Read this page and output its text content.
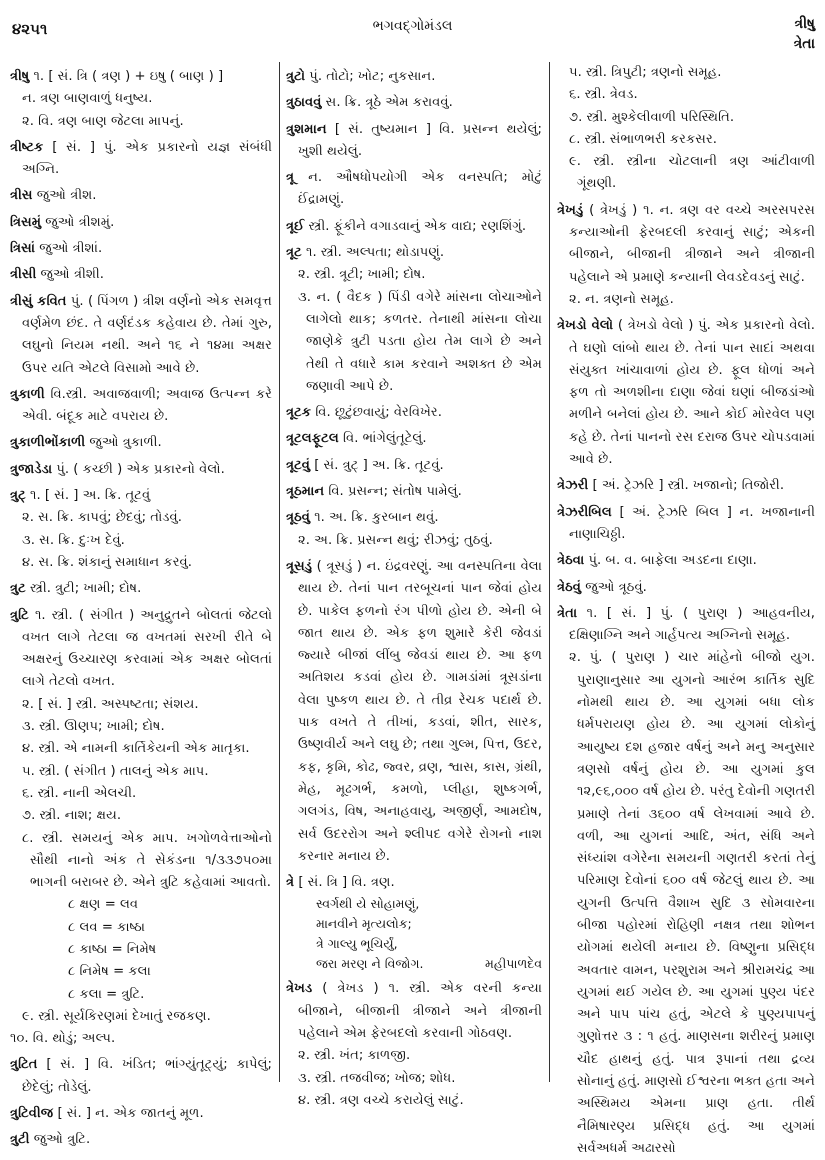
૪૨૫૧	ભગવદ્ગોમંડલ	ત્રીષુ
ત્રેતા
ત્રીષુ ૧. [ સં. ત્રિ ( ત્રણ ) + ઇષુ ( બાણ ) ]
ન. ત્રણ બાણવાળું ધનુષ્ય.
૨. વિ. ત્રણ બાણ જેટલા માપનું.
ત્રીષ્ટક [ સં. ] પું. એક પ્રકારનો યજ્ઞ સંબંધી અગ્નિ.
ત્રીસ જુઓ ત્રીશ.
ત્રિસમું જુઓ ત્રીશમું.
ત્રિસાં જુઓ ત્રીશાં.
ત્રીસી જુઓ ત્રીશી.
ત્રીસું કવિત પું. ( પિંગળ ) ત્રીશ વર્ણનો એક સમવૃત્ત વર્ણમેળ છંદ. તે વર્ણદંડક કહેવાય છે. તેમાં ગુરુ, લઘુનો નિયમ નથી. અને ૧૬ ને ૧૪મા અક્ષર ઉપર યતિ એટલે વિસામો આવે છે.
ત્રુકાળી વિ.સ્ત્રી. અવાજવાળી; અવાજ ઉત્પન્ન કરે એવી. બંદૂક માટે વપરાય છે.
ત્રુકાળીભોંકાળી જુઓ ત્રુકાળી.
ત્રુજાડેડા પું. ( કચ્છી ) એક પ્રકારનો વેલો.
ત્રુટ્ ૧. [ સં. ] અ. ક્રિ. તૂટવું
૨. સ. ક્રિ. કાપવું; છેદવું; તોડવું.
૩. સ. ક્રિ. દુઃખ દેવું.
૪. સ. ક્રિ. શંકાનું સમાધાન કરવું.
ત્રુટ સ્ત્રી. ત્રુટી; ખામી; દોષ.
ત્રુટિ ૧. સ્ત્રી. ( સંગીત ) અનુદ્રુતને બોલતાં જેટલો વખત લાગે તેટલા જ વખતમાં સરખી રીતે બે અક્ષરનું ઉચ્ચારણ કરવામાં એક અક્ષર બોલતાં લાગે તેટલો વખત.
૨. [ સં. ] સ્ત્રી. અસ્પષ્ટતા; સંશય.
૩. સ્ત્રી. ઊણપ; ખામી; દોષ.
૪. સ્ત્રી. એ નામની કાર્તિકેયની એક માતૃકા.
૫. સ્ત્રી. ( સંગીત ) તાલનું એક માપ.
૬. સ્ત્રી. નાની એલચી.
૭. સ્ત્રી. નાશ; ક્ષય.
૮. સ્ત્રી. સમયનું એક માપ. ખગોળવેત્તાઓનો સૌથી નાનો અંક તે સેકંડના ૧/૩૩૭૫૦મા ભાગની બરાબર છે. એને ત્રુટિ કહેવામાં આવતો.
૮ ક્ષણ = લવ
૮ લવ = કાષ્ઠા
૮ કાષ્ઠા = નિમેષ
૮ નિમેષ = કલા
૮ કલા = ત્રુટિ.
૯. સ્ત્રી. સૂર્યકિરણમાં દેખાતું રજકણ.
૧૦. વિ. થોડું; અલ્પ.
ત્રુટિત [ સં. ] વિ. ખંડિત; ભાંગ્યુંતૂટ્યું; કાપેલું; છેદેલું; તોડેલું.
ત્રુટિવીજ [ સં. ] ન. એક જાતનું મૂળ.
ત્રુટી જુઓ ત્રુટિ.
ત્રુટો પું. તોટો; ખોટ; નુકસાન.
ત્રુઠાવવું સ. ક્રિ. ત્રૂઠે એમ કરાવવું.
ત્રુશમાન [ સં. તુષ્યમાન ] વિ. પ્રસન્ન થયેલું; ખુશી થયેલું.
ત્રૂ ન. ઔષધોપયોગી એક વનસ્પતિ; મોટું ઈંદ્રામણું.
ત્રૂઈ સ્ત્રી. ફૂંકીને વગાડવાનું એક વાદ્ય; રણશિંગું.
ત્રૂટ ૧. સ્ત્રી. અલ્પતા; થોડાપણું.
૨. સ્ત્રી. ત્રૂટી; ખામી; દોષ.
૩. ન. ( વૈદક ) પિંડી વગેરે માંસના લોચાઓને લાગેલો થાક; કળતર. તેનાથી માંસના લોચા જાણેકે ત્રુટી પડતા હોય તેમ લાગે છે અને તેથી તે વધારે કામ કરવાને અશક્ત છે એમ જણાવી આપે છે.
ત્રૂટક વિ. છૂટુંછવાયું; વેરવિખેર.
ત્રૂટલફૂટલ વિ. ભાંગેલુંતૂટેલું.
ત્રૂટવું [ સં. ત્રુટ્ ] અ. ક્રિ. તૂટવું.
ત્રૂઠમાન વિ. પ્રસન્ન; સંતોષ પામેલું.
ત્રૂઠવું ૧. અ. ક્રિ. કુરબાન થવું.
૨. અ. ક્રિ. પ્રસન્ન થવું; રીઝવું; તુઠવું.
ત્રૂસડું ( ત્રૂસડું ) ન. ઇંદ્રવરણું. આ વનસ્પતિના વેલા થાય છે. તેનાં પાન તરબૂચનાં પાન જેવાં હોય છે. પાકેલ ફળનો રંગ પીળો હોય છે. એની બે જાત થાય છે. એક ફળ શુમારે કેરી જેવડાં જ્યારે બીજાં લીંબુ જેવડાં થાય છે. આ ફળ અતિશય કડવાં હોય છે. ગામડાંમાં ત્રૂસડાંના વેલા પુષ્કળ થાય છે. તે તીવ્ર રેચક પદાર્થ છે. પાક વખતે તે તીખાં, કડવાં, શીત, સારક, ઉષ્ણવીર્ય અને લઘુ છે; તથા ગુલ્મ, પિત્ત, ઉદર, કફ, કૃમિ, કોઢ, જ્વર, વ્રણ, શ્વાસ, કાસ, ગ્રંથી, મેહ, મૂઢગર્ભ, કમળો, પ્લીહા, શુષ્કગર્ભ, ગલગંડ, વિષ, અનાહવાયુ, અજીર્ણ, આમદોષ, સર્વ ઉદરરોગ અને શ્લીપદ વગેરે રોગનો નાશ કરનાર મનાય છે.
ત્રે [ સં. ત્રિ ] વિ. ત્રણ.
સ્વર્ગથી યે સોહામણું,
માનવીને મૃત્યલોક;
ત્રે ગાલ્યુ ભૂચિર્યું,
જરા મરણ ને વિજોગ.	મહીપાળદેવ
ત્રેખડ ( ત્રેખડ ) ૧. સ્ત્રી. એક વરની કન્યા બીજાને, બીજાની ત્રીજાને અને ત્રીજાની પહેલાને એમ ફેરબદલો કરવાની ગોઠવણ.
૨. સ્ત્રી. ખંત; કાળજી.
૩. સ્ત્રી. તજવીજ; ખોજ; શોધ.
૪. સ્ત્રી. ત્રણ વચ્ચે કરાયેલું સાટું.
૫. સ્ત્રી. ત્રિપુટી; ત્રણનો સમૂહ.
૬. સ્ત્રી. ત્રેવડ.
૭. સ્ત્રી. મુશ્કેલીવાળી પરિસ્થિતિ.
૮. સ્ત્રી. સંભાળભરી કરકસર.
૯. સ્ત્રી. સ્ત્રીના ચોટલાની ત્રણ આંટીવાળી ગૂંથણી.
ત્રેખડું ( ત્રેખડું ) ૧. ન. ત્રણ વર વચ્ચે અરસપરસ કન્યાઓની ફેરબદલી કરવાનું સાટું; એકની બીજાને, બીજાની ત્રીજાને અને ત્રીજાની પહેલાને એ પ્રમાણે કન્યાની લેવડદેવડનું સાટું.
૨. ન. ત્રણનો સમૂહ.
ત્રેખડો વેલો ( ત્રેખડો વેલો ) પું. એક પ્રકારનો વેલો. તે ઘણો લાંબો થાય છે. તેનાં પાન સાદાં અથવા સંયુક્ત ખાંચાવાળાં હોય છે. ફૂલ ધોળાં અને ફળ તો અળશીના દાણા જેવાં ઘણાં બીજડાંઓ મળીને બનેલાં હોય છે. આને કોઈ મોરવેલ પણ કહે છે. તેનાં પાનનો રસ દરાજ ઉપર ચોપડવામાં આવે છે.
ત્રેઝરી [ અં. ટ્રેઝરિ ] સ્ત્રી. ખજાનો; તિજોરી.
ત્રેઝરીબિલ [ અં. ટ્રેઝરિ બિલ ] ન. ખજાનાની નાણાચિઠ્ઠી.
ત્રેઠવા પું. બ. વ. બાફેલા અડદના દાણા.
ત્રેઠવું જુઓ ત્રૂઠવું.
ત્રેતા ૧. [ સં. ] પું. ( પુરાણ ) આહવનીય, દક્ષિણાગ્નિ અને ગાર્હપત્ય અગ્નિનો સમૂહ.
૨. પું. ( પુરાણ ) ચાર માંહેનો બીજો યુગ. પુરાણાનુસાર આ યુગનો આરંભ કાર્તિક સુદિ નોમથી થાય છે. આ યુગમાં બધા લોક ધર્મપરાયણ હોય છે. આ યુગમાં લોકોનું આયુષ્ય દશ હજાર વર્ષનું અને મનુ અનુસાર ત્રણસો વર્ષનું હોય છે. આ યુગમાં કુલ ૧૨,૯૬,૦૦૦ વર્ષ હોય છે. પરંતુ દેવોની ગણતરી પ્રમાણે તેનાં ૩૬૦૦ વર્ષ લેખવામાં આવે છે. વળી, આ યુગનાં આદિ, અંત, સંધિ અને સંધ્યાંશ વગેરેના સમયની ગણતરી કરતાં તેનું પરિમાણ દેવોનાં ૬૦૦ વર્ષ જેટલું થાય છે. આ યુગની ઉત્પત્તિ વૈશાખ સુદિ ૩ સોમવારના બીજા પહોરમાં રોહિણી નક્ષત્ર તથા શોભન યોગમાં થયેલી મનાય છે. વિષ્ણુના પ્રસિદ્ધ અવતાર વામન, પરશુરામ અને શ્રીરામચંદ્ર આ યુગમાં થઈ ગયેલ છે. આ યુગમાં પુણ્ય પંદર અને પાપ પાંચ હતું, એટલે કે પુણ્યપાપનું ગુણોત્તર ૩ : ૧ હતું. માણસના શરીરનું પ્રમાણ ચૌદ હાથનું હતું. પાત્ર રૂપાનાં તથા દ્રવ્ય સોનાનું હતું. માણસો ઈશ્વરના ભક્ત હતા અને અસ્થિમય એમના પ્રાણ હતા. તીર્થ નૈમિષારણ્ય પ્રસિદ્ધ હતું. આ યુગમાં સર્વઅધર્મ અઢારસો
